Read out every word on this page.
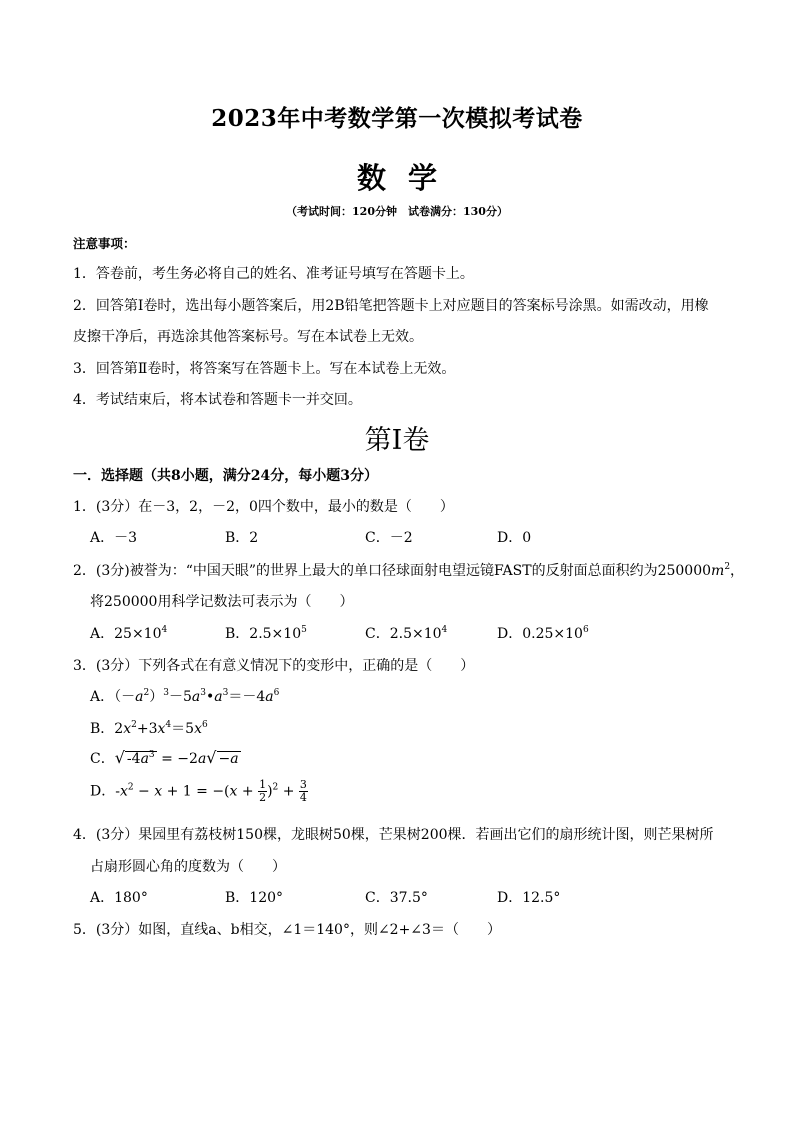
2023年中考数学第一次模拟考试卷
数学
（考试时间：120分钟　试卷满分：130分）
注意事项：
1．答卷前，考生务必将自己的姓名、准考证号填写在答题卡上。
2．回答第Ⅰ卷时，选出每小题答案后，用2B铅笔把答题卡上对应题目的答案标号涂黑。如需改动，用橡
皮擦干净后，再选涂其他答案标号。写在本试卷上无效。
3．回答第Ⅱ卷时，将答案写在答题卡上。写在本试卷上无效。
4．考试结束后，将本试卷和答题卡一并交回。
第Ⅰ卷
一．选择题（共8小题，满分24分，每小题3分）
1．(3分）在－3，2，－2，0四个数中，最小的数是（　　）
A．－3	B．2	C．－2	D．0
2．(3分)被誉为：“中国天眼”的世界上最大的单口径球面射电望远镜FAST的反射面总面积约为$250000m^2$，
将250000用科学记数法可表示为（　　）
A．$25\times 10^4$	B．$2.5\times 10^5$	C．$2.5\times 10^4$	D．$0.25\times 10^6$
3．(3分）下列各式在有意义情况下的变形中，正确的是（　　）
A．$(-a^2)^3-5a^3•a^3=-4a^6$
B．$2x^2+3x^4=5x^6$
C．√ $-4a^3 = -2a√ -a$
D．$-x^2 - x + 1 = -(x + \frac{1}{2} )^2 + \frac{3}{4}$
4．(3分）果园里有荔枝树150棵，龙眼树50棵，芒果树200棵．若画出它们的扇形统计图，则芒果树所
占扇形圆心角的度数为（　　）
A．180°	B．120°	C．37.5°	D．12.5°
5．(3分）如图，直线a、b相交，∠1＝140°，则∠2+∠3＝（　　）
